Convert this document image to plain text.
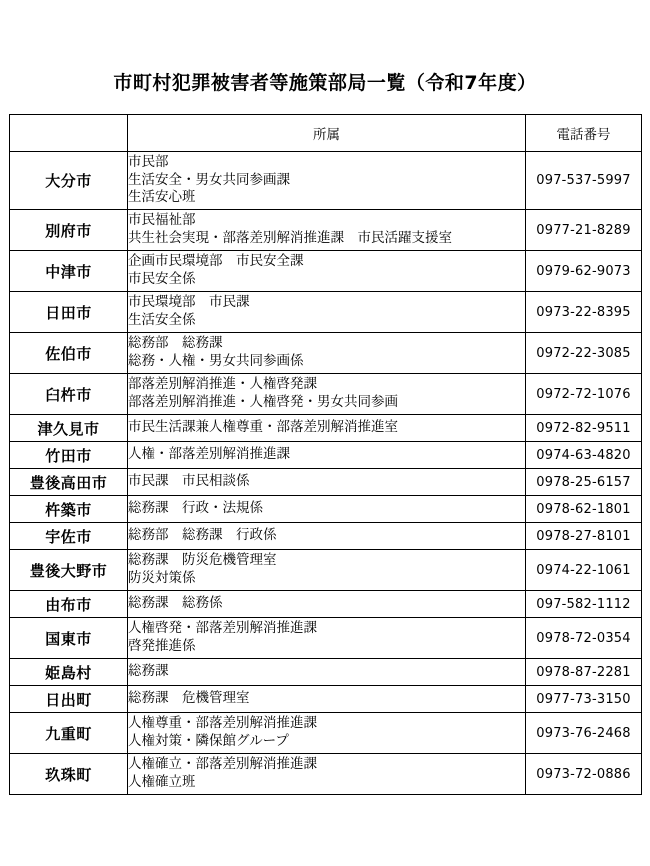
市町村犯罪被害者等施策部局一覧（令和7年度）
	所属	電話番号
大分市	市民部
生活安全・男女共同参画課
生活安心班	097-537-5997
別府市	市民福祉部
共生社会実現・部落差別解消推進課　市民活躍支援室	0977-21-8289
中津市	企画市民環境部　市民安全課
市民安全係	0979-62-9073
日田市	市民環境部　市民課
生活安全係	0973-22-8395
佐伯市	総務部　総務課
総務・人権・男女共同参画係	0972-22-3085
臼杵市	部落差別解消推進・人権啓発課
部落差別解消推進・人権啓発・男女共同参画	0972-72-1076
津久見市	市民生活課兼人権尊重・部落差別解消推進室	0972-82-9511
竹田市	人権・部落差別解消推進課	0974-63-4820
豊後高田市	市民課　市民相談係	0978-25-6157
杵築市	総務課　行政・法規係	0978-62-1801
宇佐市	総務部　総務課　行政係	0978-27-8101
豊後大野市	総務課　防災危機管理室
防災対策係	0974-22-1061
由布市	総務課　総務係	097-582-1112
国東市	人権啓発・部落差別解消推進課
啓発推進係	0978-72-0354
姫島村	総務課	0978-87-2281
日出町	総務課　危機管理室	0977-73-3150
九重町	人権尊重・部落差別解消推進課
人権対策・隣保館グループ	0973-76-2468
玖珠町	人権確立・部落差別解消推進課
人権確立班	0973-72-0886
